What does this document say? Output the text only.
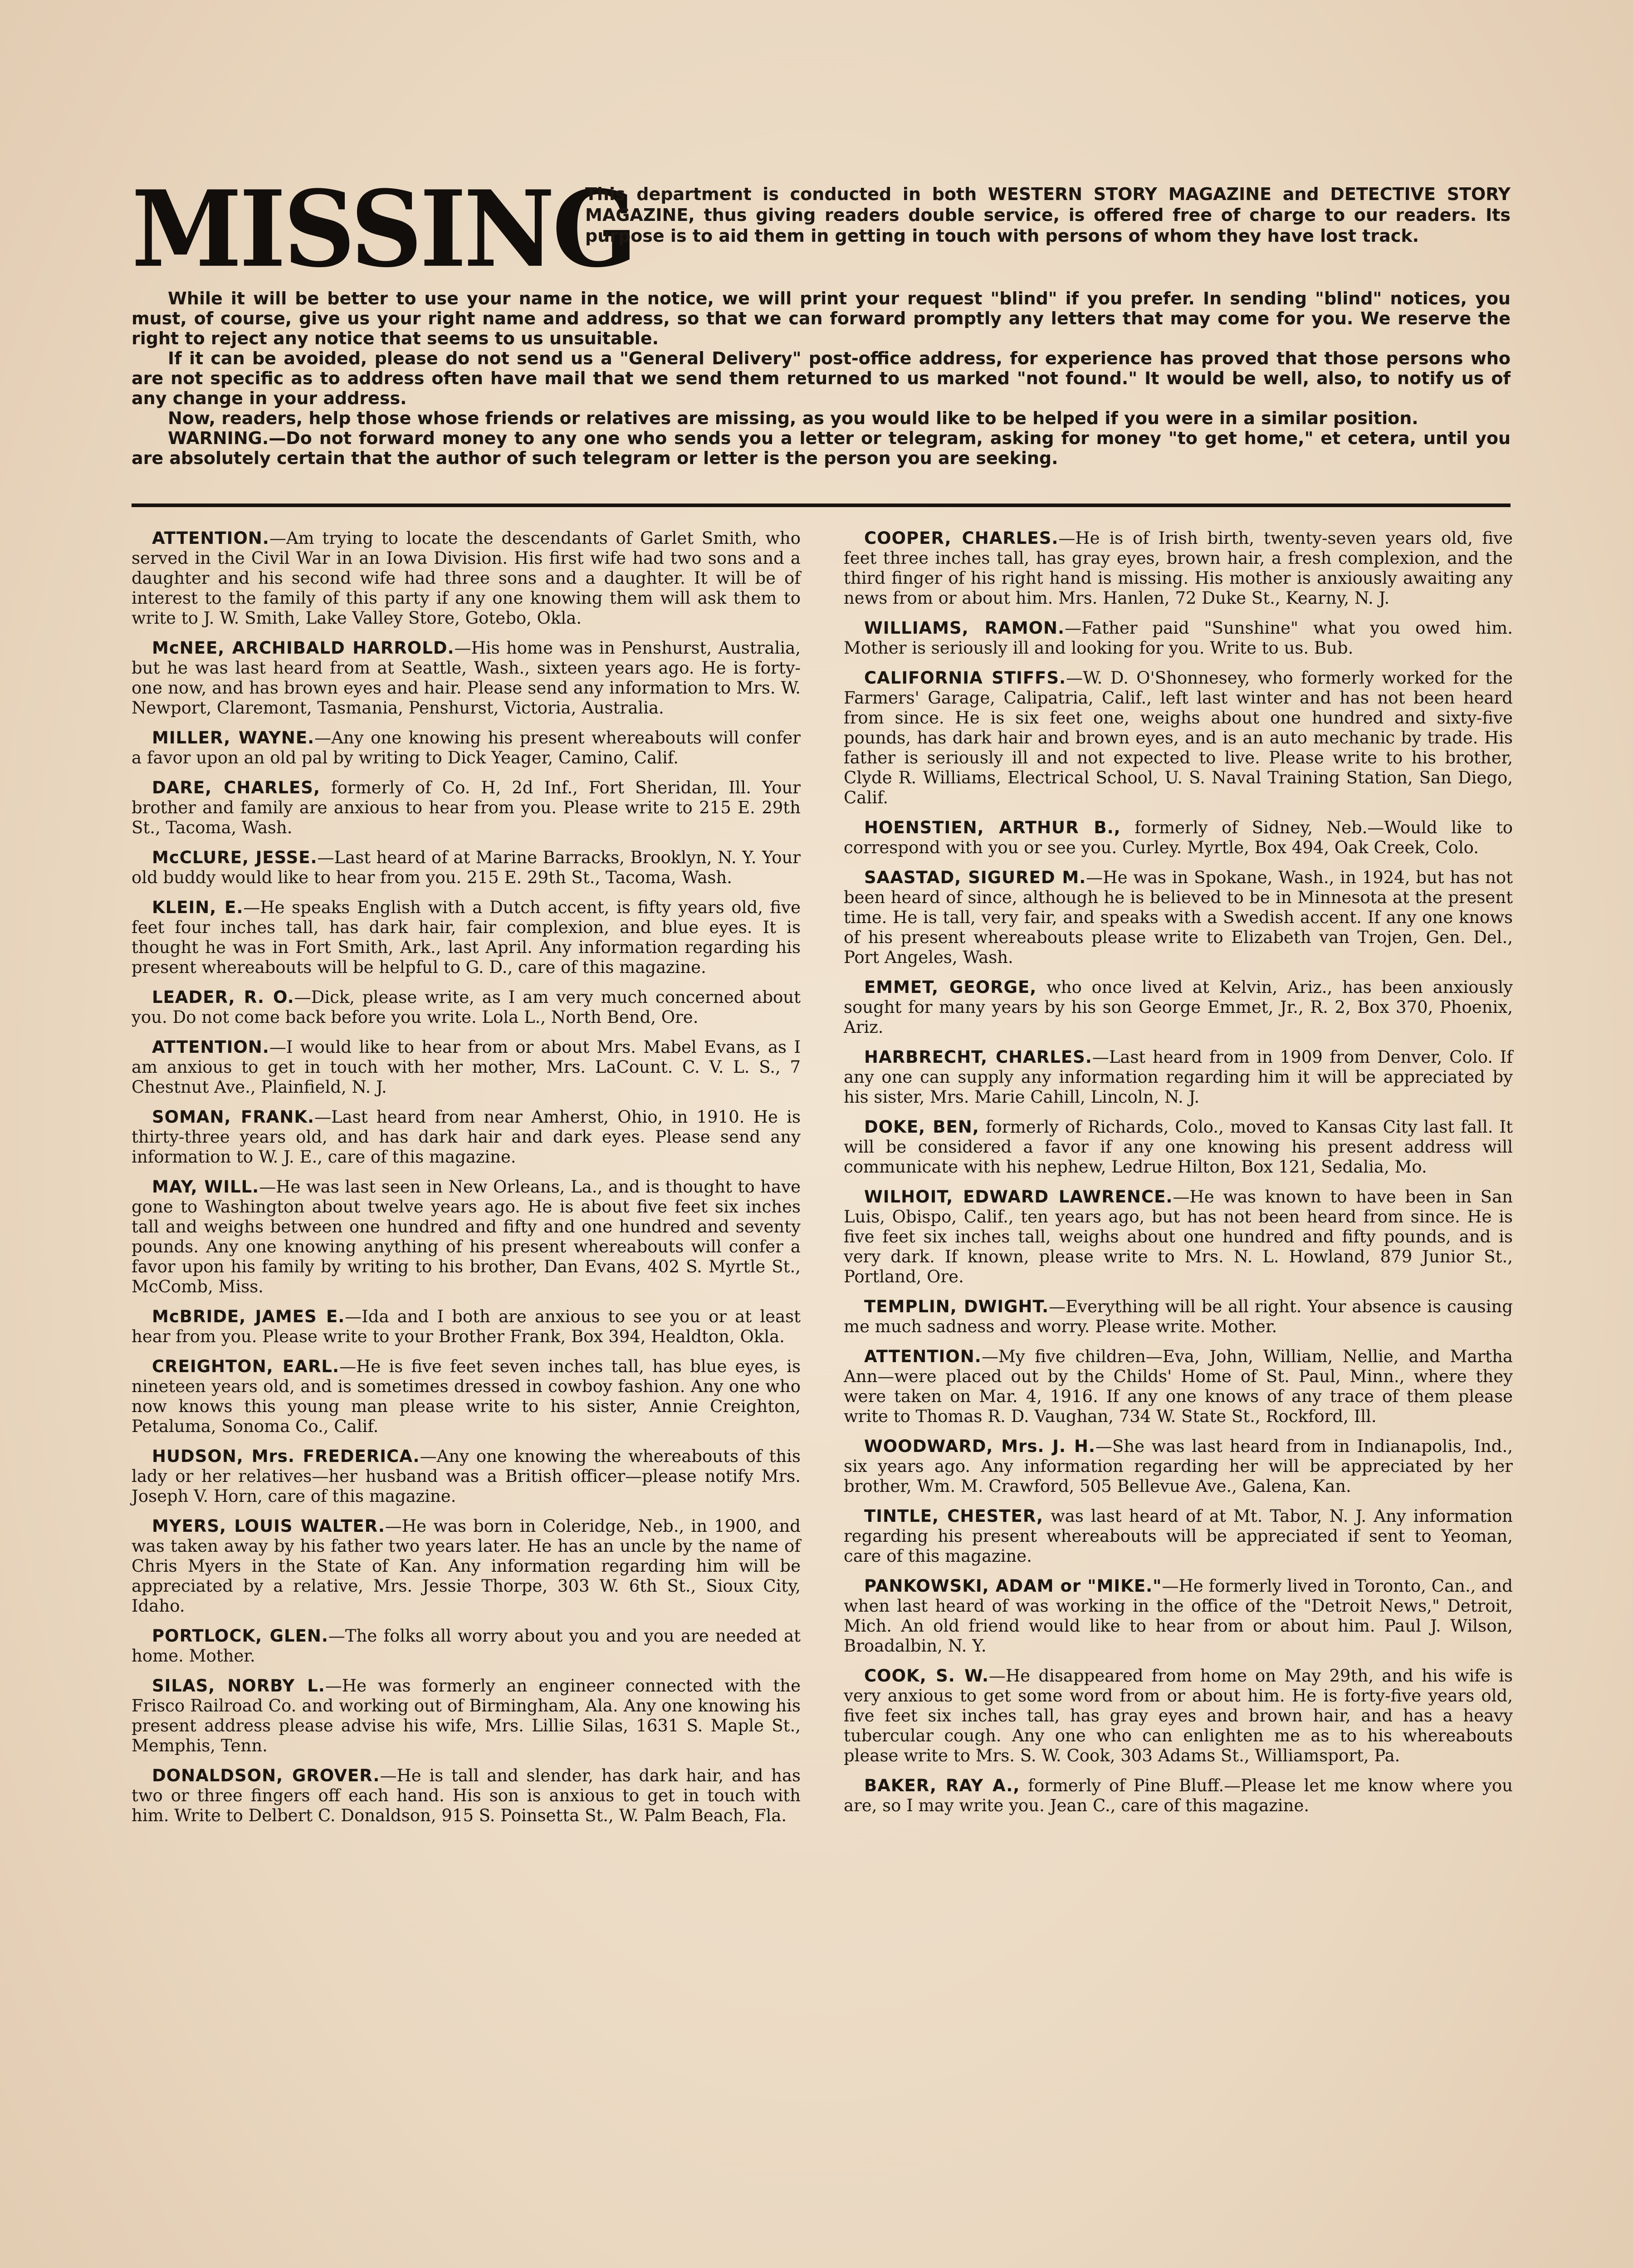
MISSING

This department is conducted in both WESTERN STORY MAGAZINE and DETECTIVE STORY MAGAZINE, thus giving readers double service, is offered free of charge to our readers. Its purpose is to aid them in getting in touch with persons of whom they have lost track.

While it will be better to use your name in the notice, we will print your request "blind" if you prefer. In sending "blind" notices, you must, of course, give us your right name and address, so that we can forward promptly any letters that may come for you. We reserve the right to reject any notice that seems to us unsuitable.

If it can be avoided, please do not send us a "General Delivery" post-office address, for experience has proved that those persons who are not specific as to address often have mail that we send them returned to us marked "not found." It would be well, also, to notify us of any change in your address.

Now, readers, help those whose friends or relatives are missing, as you would like to be helped if you were in a similar position.

WARNING.—Do not forward money to any one who sends you a letter or telegram, asking for money "to get home," et cetera, until you are absolutely certain that the author of such telegram or letter is the person you are seeking.

ATTENTION.—Am trying to locate the descendants of Garlet Smith, who served in the Civil War in an Iowa Division. His first wife had two sons and a daughter and his second wife had three sons and a daughter. It will be of interest to the family of this party if any one knowing them will ask them to write to J. W. Smith, Lake Valley Store, Gotebo, Okla.

McNEE, ARCHIBALD HARROLD.—His home was in Penshurst, Australia, but he was last heard from at Seattle, Wash., sixteen years ago. He is forty-one now, and has brown eyes and hair. Please send any information to Mrs. W. Newport, Claremont, Tasmania, Penshurst, Victoria, Australia.

MILLER, WAYNE.—Any one knowing his present whereabouts will confer a favor upon an old pal by writing to Dick Yeager, Camino, Calif.

DARE, CHARLES, formerly of Co. H, 2d Inf., Fort Sheridan, Ill. Your brother and family are anxious to hear from you. Please write to 215 E. 29th St., Tacoma, Wash.

McCLURE, JESSE.—Last heard of at Marine Barracks, Brooklyn, N. Y. Your old buddy would like to hear from you. 215 E. 29th St., Tacoma, Wash.

KLEIN, E.—He speaks English with a Dutch accent, is fifty years old, five feet four inches tall, has dark hair, fair complexion, and blue eyes. It is thought he was in Fort Smith, Ark., last April. Any information regarding his present whereabouts will be helpful to G. D., care of this magazine.

LEADER, R. O.—Dick, please write, as I am very much concerned about you. Do not come back before you write. Lola L., North Bend, Ore.

ATTENTION.—I would like to hear from or about Mrs. Mabel Evans, as I am anxious to get in touch with her mother, Mrs. LaCount. C. V. L. S., 7 Chestnut Ave., Plainfield, N. J.

SOMAN, FRANK.—Last heard from near Amherst, Ohio, in 1910. He is thirty-three years old, and has dark hair and dark eyes. Please send any information to W. J. E., care of this magazine.

MAY, WILL.—He was last seen in New Orleans, La., and is thought to have gone to Washington about twelve years ago. He is about five feet six inches tall and weighs between one hundred and fifty and one hundred and seventy pounds. Any one knowing anything of his present whereabouts will confer a favor upon his family by writing to his brother, Dan Evans, 402 S. Myrtle St., McComb, Miss.

McBRIDE, JAMES E.—Ida and I both are anxious to see you or at least hear from you. Please write to your Brother Frank, Box 394, Healdton, Okla.

CREIGHTON, EARL.—He is five feet seven inches tall, has blue eyes, is nineteen years old, and is sometimes dressed in cowboy fashion. Any one who now knows this young man please write to his sister, Annie Creighton, Petaluma, Sonoma Co., Calif.

HUDSON, Mrs. FREDERICA.—Any one knowing the whereabouts of this lady or her relatives—her husband was a British officer—please notify Mrs. Joseph V. Horn, care of this magazine.

MYERS, LOUIS WALTER.—He was born in Coleridge, Neb., in 1900, and was taken away by his father two years later. He has an uncle by the name of Chris Myers in the State of Kan. Any information regarding him will be appreciated by a relative, Mrs. Jessie Thorpe, 303 W. 6th St., Sioux City, Idaho.

PORTLOCK, GLEN.—The folks all worry about you and you are needed at home. Mother.

SILAS, NORBY L.—He was formerly an engineer connected with the Frisco Railroad Co. and working out of Birmingham, Ala. Any one knowing his present address please advise his wife, Mrs. Lillie Silas, 1631 S. Maple St., Memphis, Tenn.

DONALDSON, GROVER.—He is tall and slender, has dark hair, and has two or three fingers off each hand. His son is anxious to get in touch with him. Write to Delbert C. Donaldson, 915 S. Poinsetta St., W. Palm Beach, Fla.

COOPER, CHARLES.—He is of Irish birth, twenty-seven years old, five feet three inches tall, has gray eyes, brown hair, a fresh complexion, and the third finger of his right hand is missing. His mother is anxiously awaiting any news from or about him. Mrs. Hanlen, 72 Duke St., Kearny, N. J.

WILLIAMS, RAMON.—Father paid "Sunshine" what you owed him. Mother is seriously ill and looking for you. Write to us. Bub.

CALIFORNIA STIFFS.—W. D. O'Shonnesey, who formerly worked for the Farmers' Garage, Calipatria, Calif., left last winter and has not been heard from since. He is six feet one, weighs about one hundred and sixty-five pounds, has dark hair and brown eyes, and is an auto mechanic by trade. His father is seriously ill and not expected to live. Please write to his brother, Clyde R. Williams, Electrical School, U. S. Naval Training Station, San Diego, Calif.

HOENSTIEN, ARTHUR B., formerly of Sidney, Neb.—Would like to correspond with you or see you. Curley. Myrtle, Box 494, Oak Creek, Colo.

SAASTAD, SIGURED M.—He was in Spokane, Wash., in 1924, but has not been heard of since, although he is believed to be in Minnesota at the present time. He is tall, very fair, and speaks with a Swedish accent. If any one knows of his present whereabouts please write to Elizabeth van Trojen, Gen. Del., Port Angeles, Wash.

EMMET, GEORGE, who once lived at Kelvin, Ariz., has been anxiously sought for many years by his son George Emmet, Jr., R. 2, Box 370, Phoenix, Ariz.

HARBRECHT, CHARLES.—Last heard from in 1909 from Denver, Colo. If any one can supply any information regarding him it will be appreciated by his sister, Mrs. Marie Cahill, Lincoln, N. J.

DOKE, BEN, formerly of Richards, Colo., moved to Kansas City last fall. It will be considered a favor if any one knowing his present address will communicate with his nephew, Ledrue Hilton, Box 121, Sedalia, Mo.

WILHOIT, EDWARD LAWRENCE.—He was known to have been in San Luis, Obispo, Calif., ten years ago, but has not been heard from since. He is five feet six inches tall, weighs about one hundred and fifty pounds, and is very dark. If known, please write to Mrs. N. L. Howland, 879 Junior St., Portland, Ore.

TEMPLIN, DWIGHT.—Everything will be all right. Your absence is causing me much sadness and worry. Please write. Mother.

ATTENTION.—My five children—Eva, John, William, Nellie, and Martha Ann—were placed out by the Childs' Home of St. Paul, Minn., where they were taken on Mar. 4, 1916. If any one knows of any trace of them please write to Thomas R. D. Vaughan, 734 W. State St., Rockford, Ill.

WOODWARD, Mrs. J. H.—She was last heard from in Indianapolis, Ind., six years ago. Any information regarding her will be appreciated by her brother, Wm. M. Crawford, 505 Bellevue Ave., Galena, Kan.

TINTLE, CHESTER, was last heard of at Mt. Tabor, N. J. Any information regarding his present whereabouts will be appreciated if sent to Yeoman, care of this magazine.

PANKOWSKI, ADAM or "MIKE."—He formerly lived in Toronto, Can., and when last heard of was working in the office of the "Detroit News," Detroit, Mich. An old friend would like to hear from or about him. Paul J. Wilson, Broadalbin, N. Y.

COOK, S. W.—He disappeared from home on May 29th, and his wife is very anxious to get some word from or about him. He is forty-five years old, five feet six inches tall, has gray eyes and brown hair, and has a heavy tubercular cough. Any one who can enlighten me as to his whereabouts please write to Mrs. S. W. Cook, 303 Adams St., Williamsport, Pa.

BAKER, RAY A., formerly of Pine Bluff.—Please let me know where you are, so I may write you. Jean C., care of this magazine.
